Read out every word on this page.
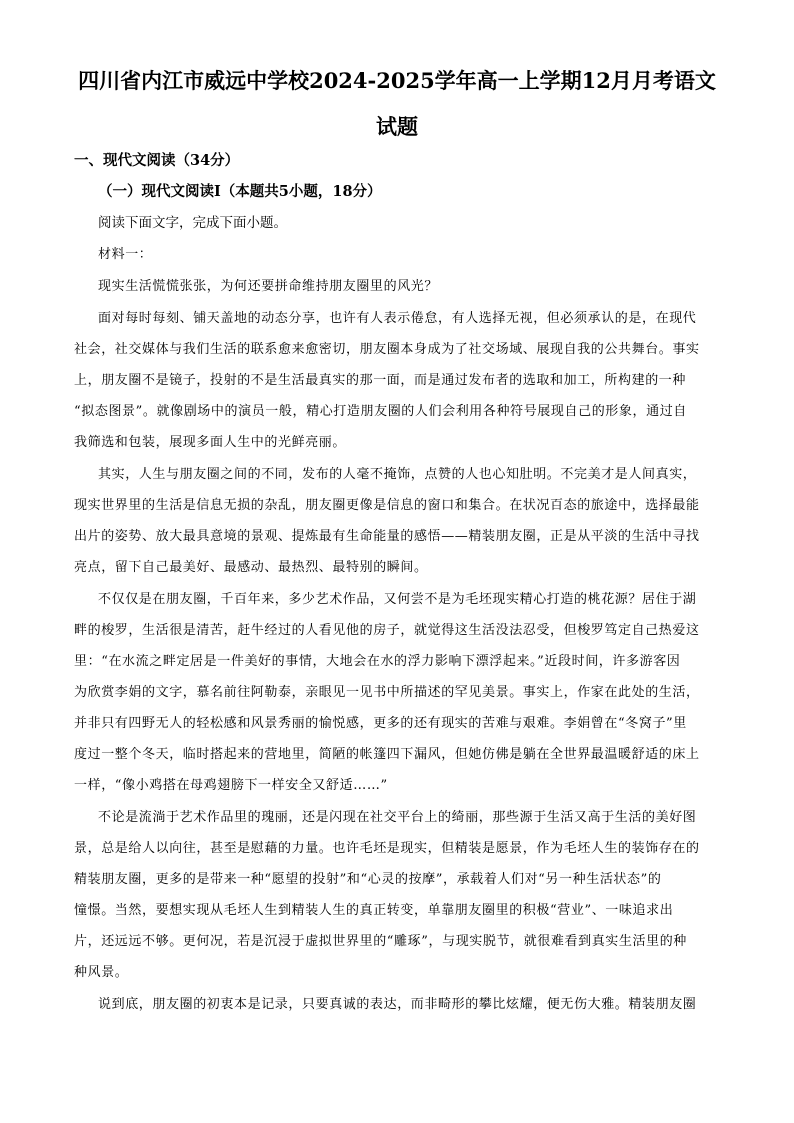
四川省内江市威远中学校2024-2025学年高一上学期12月月考语文
试题
一、现代文阅读（34分）
（一）现代文阅读Ⅰ（本题共5小题，18分）
阅读下面文字，完成下面小题。
材料一：
现实生活慌慌张张，为何还要拼命维持朋友圈里的风光？
面对每时每刻、铺天盖地的动态分享，也许有人表示倦怠，有人选择无视，但必须承认的是，在现代
社会，社交媒体与我们生活的联系愈来愈密切，朋友圈本身成为了社交场域、展现自我的公共舞台。事实
上，朋友圈不是镜子，投射的不是生活最真实的那一面，而是通过发布者的选取和加工，所构建的一种
“拟态图景”。就像剧场中的演员一般，精心打造朋友圈的人们会利用各种符号展现自己的形象，通过自
我筛选和包装，展现多面人生中的光鲜亮丽。
其实，人生与朋友圈之间的不同，发布的人毫不掩饰，点赞的人也心知肚明。不完美才是人间真实，
现实世界里的生活是信息无损的杂乱，朋友圈更像是信息的窗口和集合。在状况百态的旅途中，选择最能
出片的姿势、放大最具意境的景观、提炼最有生命能量的感悟——精装朋友圈，正是从平淡的生活中寻找
亮点，留下自己最美好、最感动、最热烈、最特别的瞬间。
不仅仅是在朋友圈，千百年来，多少艺术作品，又何尝不是为毛坯现实精心打造的桃花源？居住于湖
畔的梭罗，生活很是清苦，赶牛经过的人看见他的房子，就觉得这生活没法忍受，但梭罗笃定自己热爱这
里：“在水流之畔定居是一件美好的事情，大地会在水的浮力影响下漂浮起来。”近段时间，许多游客因
为欣赏李娟的文字，慕名前往阿勒泰，亲眼见一见书中所描述的罕见美景。事实上，作家在此处的生活，
并非只有四野无人的轻松感和风景秀丽的愉悦感，更多的还有现实的苦难与艰难。李娟曾在“冬窝子”里
度过一整个冬天，临时搭起来的营地里，简陋的帐篷四下漏风，但她仿佛是躺在全世界最温暖舒适的床上
一样，“像小鸡搭在母鸡翅膀下一样安全又舒适……”
不论是流淌于艺术作品里的瑰丽，还是闪现在社交平台上的绮丽，那些源于生活又高于生活的美好图
景，总是给人以向往，甚至是慰藉的力量。也许毛坯是现实，但精装是愿景，作为毛坯人生的装饰存在的
精装朋友圈，更多的是带来一种“愿望的投射”和“心灵的按摩”，承载着人们对“另一种生活状态”的
憧憬。当然，要想实现从毛坯人生到精装人生的真正转变，单靠朋友圈里的积极“营业”、一味追求出
片，还远远不够。更何况，若是沉浸于虚拟世界里的“雕琢”，与现实脱节，就很难看到真实生活里的种
种风景。
说到底，朋友圈的初衷本是记录，只要真诚的表达，而非畸形的攀比炫耀，便无伤大雅。精装朋友圈
